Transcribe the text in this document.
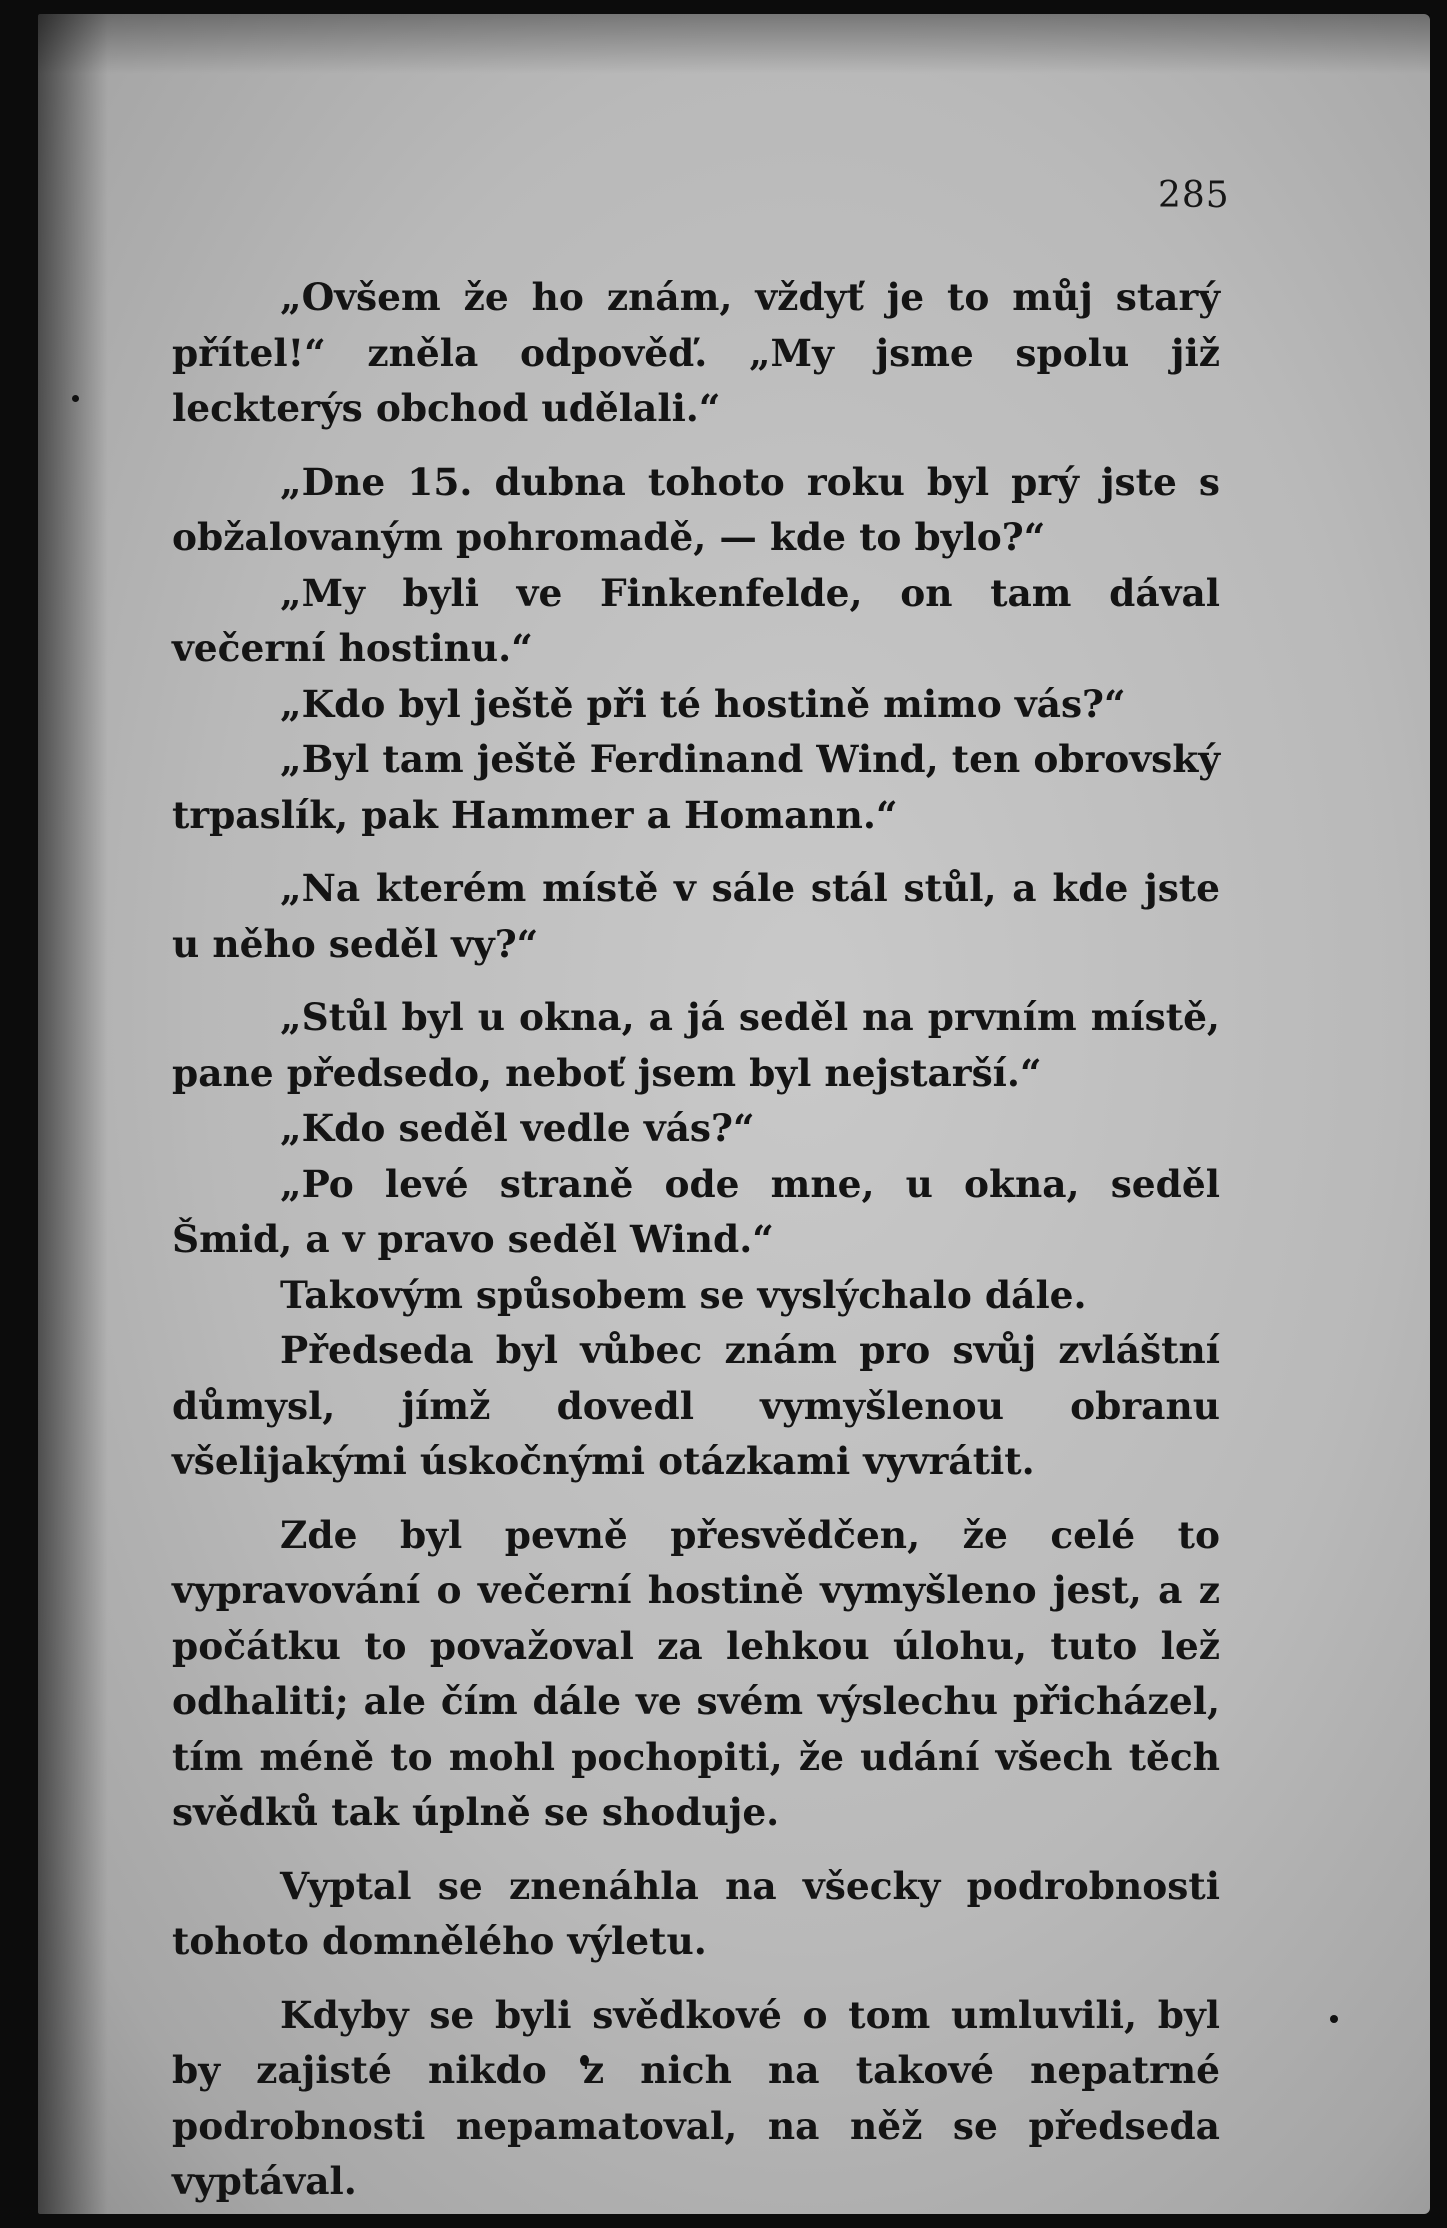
285

„Ovšem že ho znám, vždyť je to můj starý přítel!“ zněla odpověď. „My jsme spolu již leckterýs obchod udělali.“

„Dne 15. dubna tohoto roku byl prý jste s obžalovaným pohromadě, — kde to bylo?“

„My byli ve Finkenfelde, on tam dával večerní hostinu.“

„Kdo byl ještě při té hostině mimo vás?“

„Byl tam ještě Ferdinand Wind, ten obrovský trpaslík, pak Hammer a Homann.“

„Na kterém místě v sále stál stůl, a kde jste u něho seděl vy?“

„Stůl byl u okna, a já seděl na prvním místě, pane předsedo, neboť jsem byl nejstarší.“

„Kdo seděl vedle vás?“

„Po levé straně ode mne, u okna, seděl Šmid, a v pravo seděl Wind.“

Takovým spůsobem se vyslýchalo dále.

Předseda byl vůbec znám pro svůj zvláštní důmysl, jímž dovedl vymyšlenou obranu všelijakými úskočnými otázkami vyvrátit.

Zde byl pevně přesvědčen, že celé to vypravování o večerní hostině vymyšleno jest, a z počátku to považoval za lehkou úlohu, tuto lež odhaliti; ale čím dále ve svém výslechu přicházel, tím méně to mohl pochopiti, že udání všech těch svědků tak úplně se shoduje.

Vyptal se znenáhla na všecky podrobnosti tohoto domnělého výletu.

Kdyby se byli svědkové o tom umluvili, byl by zajisté nikdo z nich na takové nepatrné podrobnosti nepamatoval, na něž se předseda vyptával.
